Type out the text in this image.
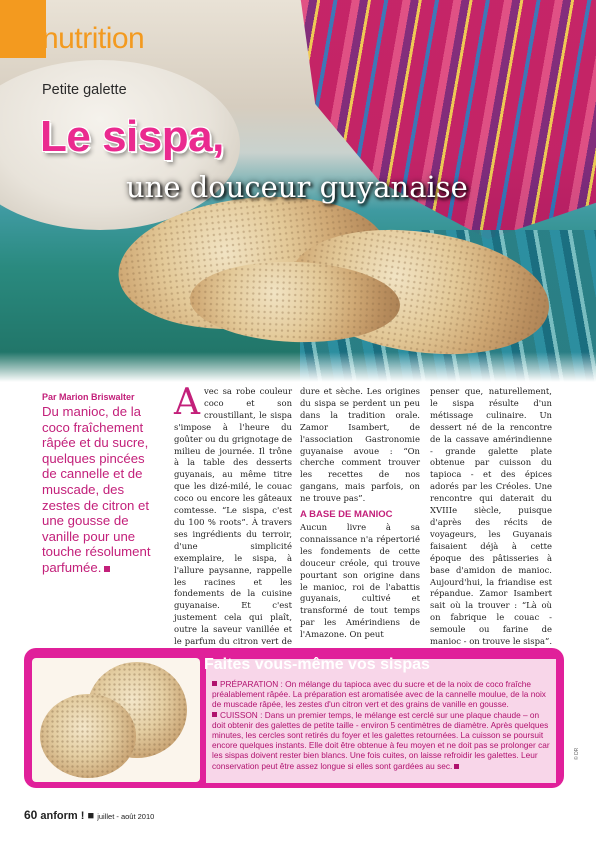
nutrition
Petite galette
Le sispa,
une douceur guyanaise
Par Marion Briswalter
Du manioc, de la coco fraîchement râpée et du sucre, quelques pincées de cannelle et de muscade, des zestes de citron et une gousse de vanille pour une touche résolument parfumée.

Avec sa robe couleur coco et son croustillant, le sispa s'impose à l'heure du goûter ou du grignotage de milieu de journée. Il trône à la table des desserts guyanais, au même titre que les dizé-milé, le couac coco ou encore les gâteaux comtesse. “Le sispa, c'est du 100 % roots”. À travers ses ingrédients du terroir, d'une simplicité exemplaire, le sispa, à l'allure paysanne, rappelle les racines et les fondements de la cuisine guyanaise. Et c'est justement cela qui plaît, outre la saveur vanillée et le parfum du citron vert de

dure et sèche. Les origines du sispa se perdent un peu dans la tradition orale. Zamor Isambert, de l'association Gastronomie guyanaise avoue : “On cherche comment trouver les recettes de nos gangans, mais parfois, on ne trouve pas”.

A BASE DE MANIOC

Aucun livre à sa connaissance n'a répertorié les fondements de cette douceur créole, qui trouve pourtant son origine dans le manioc, roi de l'abattis guyanais, cultivé et transformé de tout temps par les Amérindiens de l'Amazone. On peut

penser que, naturellement, le sispa résulte d'un métissage culinaire. Un dessert né de la rencontre de la cassave amérindienne - grande galette plate obtenue par cuisson du tapioca - et des épices adorés par les Créoles. Une rencontre qui daterait du XVIIIe siècle, puisque d'après des récits de voyageurs, les Guyanais faisaient déjà à cette époque des pâtisseries à base d'amidon de manioc. Aujourd'hui, la friandise est répandue. Zamor Isambert sait où la trouver : “Là où on fabrique le couac - semoule ou farine de manioc - on trouve le sispa”.

Faites vous-même vos sispas

PRÉPARATION : On mélange du tapioca avec du sucre et de la noix de coco fraîche préalablement râpée. La préparation est aromatisée avec de la cannelle moulue, de la noix de muscade râpée, les zestes d'un citron vert et des grains de vanille en gousse.

CUISSON : Dans un premier temps, le mélange est cerclé sur une plaque chaude – on doit obtenir des galettes de petite taille - environ 5 centimètres de diamètre. Après quelques minutes, les cercles sont retirés du foyer et les galettes retournées. La cuisson se poursuit encore quelques instants. Elle doit être obtenue à feu moyen et ne doit pas se prolonger car les sispas doivent rester bien blancs. Une fois cuites, on laisse refroidir les galettes. Leur conservation peut être assez longue si elles sont gardées au sec.

© DR
60 anform ! ■ juillet - août 2010
